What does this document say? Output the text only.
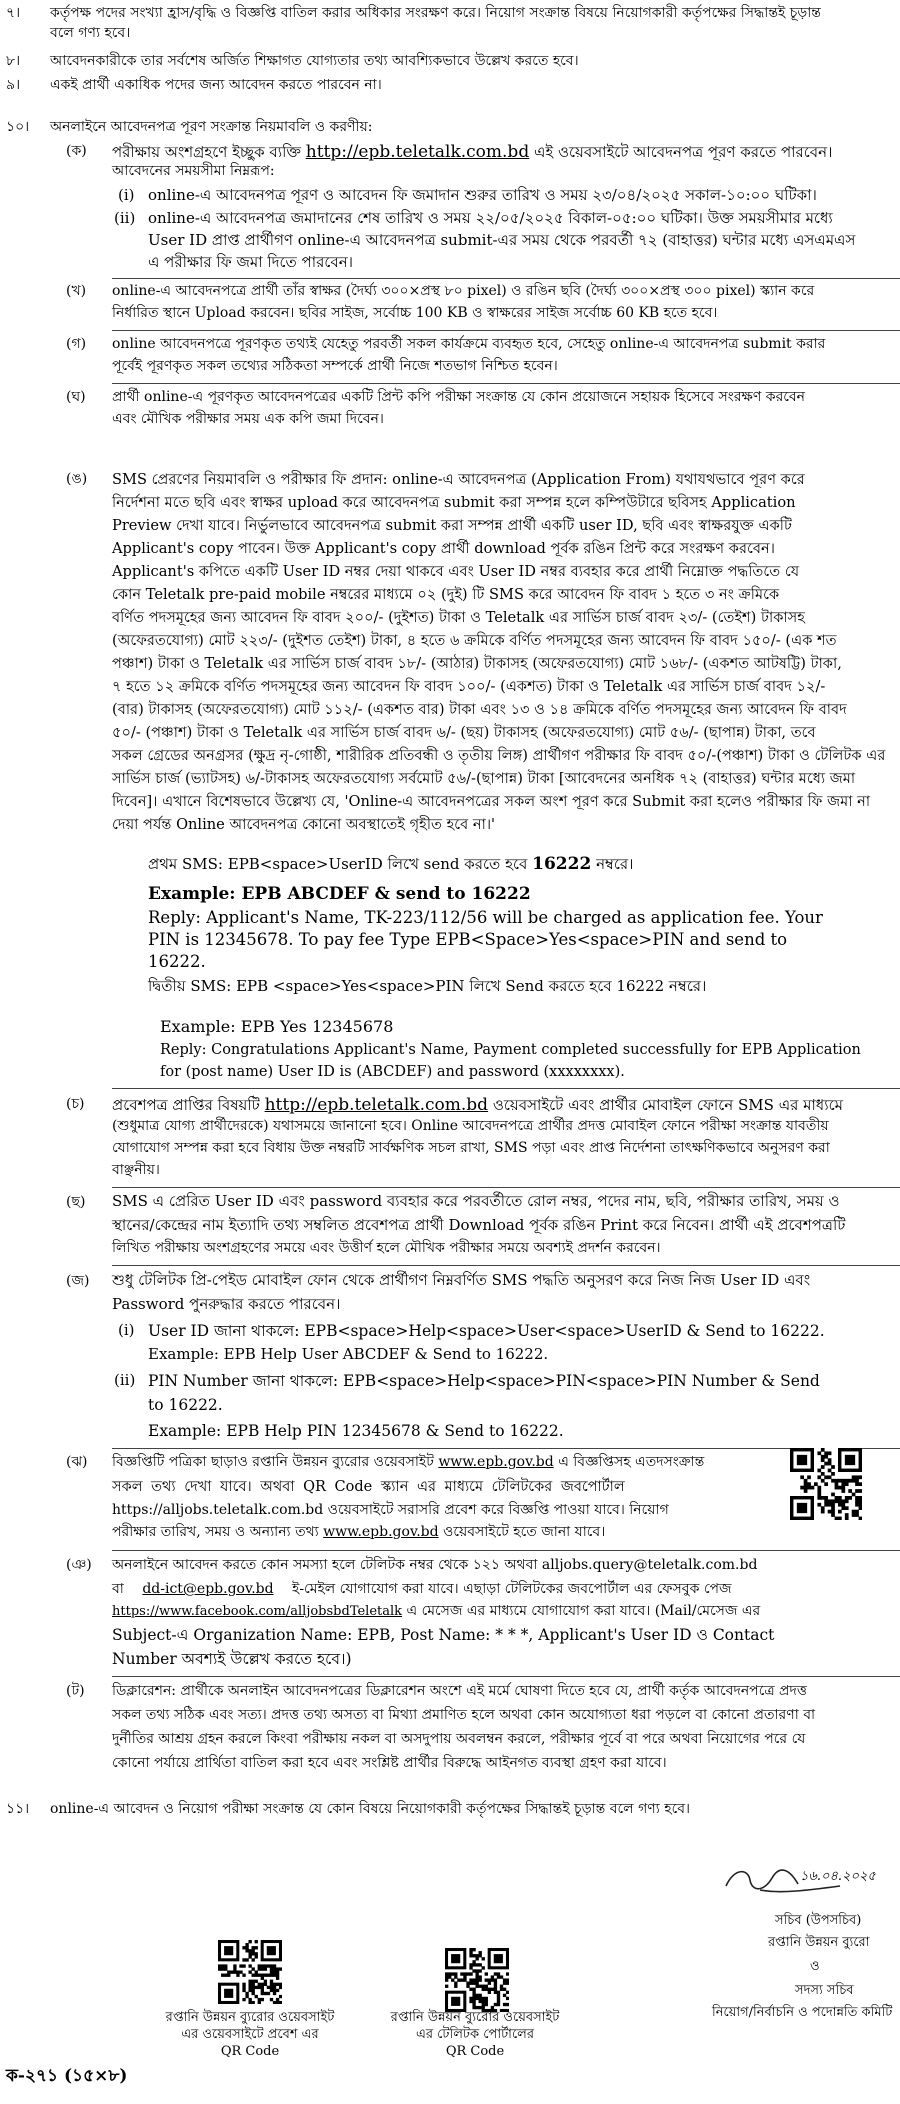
৭।	কর্তৃপক্ষ পদের সংখ্যা হ্রাস/বৃদ্ধি ও বিজ্ঞপ্তি বাতিল করার অধিকার সংরক্ষণ করে। নিয়োগ সংক্রান্ত বিষয়ে নিয়োগকারী কর্তৃপক্ষের সিদ্ধান্তই চূড়ান্ত
বলে গণ্য হবে।
৮।	আবেদনকারীকে তার সর্বশেষ অর্জিত শিক্ষাগত যোগ্যতার তথ্য আবশ্যিকভাবে উল্লেখ করতে হবে।
৯।	একই প্রার্থী একাধিক পদের জন্য আবেদন করতে পারবেন না।
১০।	অনলাইনে আবেদনপত্র পূরণ সংক্রান্ত নিয়মাবলি ও করণীয়:
(ক)	পরীক্ষায় অংশগ্রহণে ইচ্ছুক ব্যক্তি http://epb.teletalk.com.bd এই ওয়েবসাইটে আবেদনপত্র পূরণ করতে পারবেন।
আবেদনের সময়সীমা নিম্নরূপ:
(i) online-এ আবেদনপত্র পূরণ ও আবেদন ফি জমাদান শুরুর তারিখ ও সময় ২৩/০৪/২০২৫ সকাল-১০:০০ ঘটিকা।
(ii) online-এ আবেদনপত্র জমাদানের শেষ তারিখ ও সময় ২২/০৫/২০২৫ বিকাল-০৫:০০ ঘটিকা। উক্ত সময়সীমার মধ্যে
User ID প্রাপ্ত প্রার্থীগণ online-এ আবেদনপত্র submit-এর সময় থেকে পরবর্তী ৭২ (বাহাত্তর) ঘন্টার মধ্যে এসএমএস
এ পরীক্ষার ফি জমা দিতে পারবেন।
(খ)	online-এ আবেদনপত্রে প্রার্থী তাঁর স্বাক্ষর (দৈর্ঘ্য ৩০০×প্রস্থ ৮০ pixel) ও রঙিন ছবি (দৈর্ঘ্য ৩০০×প্রস্থ ৩০০ pixel) স্ক্যান করে
নির্ধারিত স্থানে Upload করবেন। ছবির সাইজ, সর্বোচ্চ 100 KB ও স্বাক্ষরের সাইজ সর্বোচ্চ 60 KB হতে হবে।
(গ)	online আবেদনপত্রে পূরণকৃত তথ্যই যেহেতু পরবর্তী সকল কার্যক্রমে ব্যবহৃত হবে, সেহেতু online-এ আবেদনপত্র submit করার
পূর্বেই পূরণকৃত সকল তথ্যের সঠিকতা সম্পর্কে প্রার্থী নিজে শতভাগ নিশ্চিত হবেন।
(ঘ)	প্রার্থী online-এ পূরণকৃত আবেদনপত্রের একটি প্রিন্ট কপি পরীক্ষা সংক্রান্ত যে কোন প্রয়োজনে সহায়ক হিসেবে সংরক্ষণ করবেন
এবং মৌখিক পরীক্ষার সময় এক কপি জমা দিবেন।
(ঙ)	SMS প্রেরণের নিয়মাবলি ও পরীক্ষার ফি প্রদান: online-এ আবেদনপত্র (Application From) যথাযথভাবে পূরণ করে
নির্দেশনা মতে ছবি এবং স্বাক্ষর upload করে আবেদনপত্র submit করা সম্পন্ন হলে কম্পিউটারে ছবিসহ Application
Preview দেখা যাবে। নির্ভুলভাবে আবেদনপত্র submit করা সম্পন্ন প্রার্থী একটি user ID, ছবি এবং স্বাক্ষরযুক্ত একটি
Applicant's copy পাবেন। উক্ত Applicant's copy প্রার্থী download পূর্বক রঙিন প্রিন্ট করে সংরক্ষণ করবেন।
Applicant's কপিতে একটি User ID নম্বর দেয়া থাকবে এবং User ID নম্বর ব্যবহার করে প্রার্থী নিম্নোক্ত পদ্ধতিতে যে
কোন Teletalk pre-paid mobile নম্বরের মাধ্যমে ০২ (দুই) টি SMS করে আবেদন ফি বাবদ ১ হতে ৩ নং ক্রমিকে
বর্ণিত পদসমূহের জন্য আবেদন ফি বাবদ ২০০/- (দুইশত) টাকা ও Teletalk এর সার্ভিস চার্জ বাবদ ২৩/- (তেইশ) টাকাসহ
(অফেরতযোগ্য) মোট ২২৩/- (দুইশত তেইশ) টাকা, ৪ হতে ৬ ক্রমিকে বর্ণিত পদসমূহের জন্য আবেদন ফি বাবদ ১৫০/- (এক শত
পঞ্চাশ) টাকা ও Teletalk এর সার্ভিস চার্জ বাবদ ১৮/- (আঠার) টাকাসহ (অফেরতযোগ্য) মোট ১৬৮/- (একশত আটষট্টি) টাকা,
৭ হতে ১২ ক্রমিকে বর্ণিত পদসমূহের জন্য আবেদন ফি বাবদ ১০০/- (একশত) টাকা ও Teletalk এর সার্ভিস চার্জ বাবদ ১২/-
(বার) টাকাসহ (অফেরতযোগ্য) মোট ১১২/- (একশত বার) টাকা এবং ১৩ ও ১৪ ক্রমিকে বর্ণিত পদসমূহের জন্য আবেদন ফি বাবদ
৫০/- (পঞ্চাশ) টাকা ও Teletalk এর সার্ভিস চার্জ বাবদ ৬/- (ছয়) টাকাসহ (অফেরতযোগ্য) মোট ৫৬/- (ছাপান্ন) টাকা, তবে
সকল গ্রেডের অনগ্রসর (ক্ষুদ্র নৃ-গোষ্ঠী, শারীরিক প্রতিবন্ধী ও তৃতীয় লিঙ্গ) প্রার্থীগণ পরীক্ষার ফি বাবদ ৫০/-(পঞ্চাশ) টাকা ও টেলিটক এর
সার্ভিস চার্জ (ভ্যাটসহ) ৬/-টাকাসহ অফেরতযোগ্য সর্বমোট ৫৬/-(ছাপান্ন) টাকা [আবেদনের অনধিক ৭২ (বাহাত্তর) ঘন্টার মধ্যে জমা
দিবেন]। এখানে বিশেষভাবে উল্লেখ্য যে, 'Online-এ আবেদনপত্রের সকল অংশ পূরণ করে Submit করা হলেও পরীক্ষার ফি জমা না
দেয়া পর্যন্ত Online আবেদনপত্র কোনো অবস্থাতেই গৃহীত হবে না।'
প্রথম SMS: EPB<space>UserID লিখে send করতে হবে 16222 নম্বরে।
Example: EPB ABCDEF & send to 16222
Reply: Applicant's Name, TK-223/112/56 will be charged as application fee. Your
PIN is 12345678. To pay fee Type EPB<Space>Yes<space>PIN and send to
16222.
দ্বিতীয় SMS: EPB <space>Yes<space>PIN লিখে Send করতে হবে 16222 নম্বরে।
Example: EPB Yes 12345678
Reply: Congratulations Applicant's Name, Payment completed successfully for EPB Application
for (post name) User ID is (ABCDEF) and password (xxxxxxxx).
(চ)	প্রবেশপত্র প্রাপ্তির বিষয়টি http://epb.teletalk.com.bd ওয়েবসাইটে এবং প্রার্থীর মোবাইল ফোনে SMS এর মাধ্যমে
(শুধুমাত্র যোগ্য প্রার্থীদেরকে) যথাসময়ে জানানো হবে। Online আবেদনপত্রে প্রার্থীর প্রদত্ত মোবাইল ফোনে পরীক্ষা সংক্রান্ত যাবতীয়
যোগাযোগ সম্পন্ন করা হবে বিধায় উক্ত নম্বরটি সার্বক্ষণিক সচল রাখা, SMS পড়া এবং প্রাপ্ত নির্দেশনা তাৎক্ষণিকভাবে অনুসরণ করা
বাঞ্ছনীয়।
(ছ)	SMS এ প্রেরিত User ID এবং password ব্যবহার করে পরবর্তীতে রোল নম্বর, পদের নাম, ছবি, পরীক্ষার তারিখ, সময় ও
স্থানের/কেন্দ্রের নাম ইত্যাদি তথ্য সম্বলিত প্রবেশপত্র প্রার্থী Download পূর্বক রঙিন Print করে নিবেন। প্রার্থী এই প্রবেশপত্রটি
লিখিত পরীক্ষায় অংশগ্রহণের সময়ে এবং উত্তীর্ণ হলে মৌখিক পরীক্ষার সময়ে অবশ্যই প্রদর্শন করবেন।
(জ)	শুধু টেলিটক প্রি-পেইড মোবাইল ফোন থেকে প্রার্থীগণ নিম্নবর্ণিত SMS পদ্ধতি অনুসরণ করে নিজ নিজ User ID এবং
Password পুনরুদ্ধার করতে পারবেন।
(i) User ID জানা থাকলে: EPB<space>Help<space>User<space>UserID & Send to 16222.
Example: EPB Help User ABCDEF & Send to 16222.
(ii) PIN Number জানা থাকলে: EPB<space>Help<space>PIN<space>PIN Number & Send
to 16222.
Example: EPB Help PIN 12345678 & Send to 16222.
(ঝ)	বিজ্ঞপ্তিটি পত্রিকা ছাড়াও রপ্তানি উন্নয়ন ব্যুরোর ওয়েবসাইট www.epb.gov.bd এ বিজ্ঞপ্তিসহ এতদসংক্রান্ত
সকল তথ্য দেখা যাবে। অথবা QR Code স্ক্যান এর মাধ্যমে টেলিটকের জবপোর্টাল
https://alljobs.teletalk.com.bd ওয়েবসাইটে সরাসরি প্রবেশ করে বিজ্ঞপ্তি পাওয়া যাবে। নিয়োগ
পরীক্ষার তারিখ, সময় ও অন্যান্য তথ্য www.epb.gov.bd ওয়েবসাইটে হতে জানা যাবে।
(ঞ)	অনলাইনে আবেদন করতে কোন সমস্যা হলে টেলিটক নম্বর থেকে ১২১ অথবা alljobs.query@teletalk.com.bd
বা dd-ict@epb.gov.bd ই-মেইল যোগাযোগ করা যাবে। এছাড়া টেলিটকের জবপোর্টাল এর ফেসবুক পেজ
https://www.facebook.com/alljobsbdTeletalk এ মেসেজ এর মাধ্যমে যোগাযোগ করা যাবে। (Mail/মেসেজ এর
Subject-এ Organization Name: EPB, Post Name: * * *, Applicant's User ID ও Contact
Number অবশ্যই উল্লেখ করতে হবে।)
(ট)	ডিক্লারেশন: প্রার্থীকে অনলাইন আবেদনপত্রের ডিক্লারেশন অংশে এই মর্মে ঘোষণা দিতে হবে যে, প্রার্থী কর্তৃক আবেদনপত্রে প্রদত্ত
সকল তথ্য সঠিক এবং সত্য। প্রদত্ত তথ্য অসত্য বা মিথ্যা প্রমাণিত হলে অথবা কোন অযোগ্যতা ধরা পড়লে বা কোনো প্রতারণা বা
দুর্নীতির আশ্রয় গ্রহন করলে কিংবা পরীক্ষায় নকল বা অসদুপায় অবলম্বন করলে, পরীক্ষার পূর্বে বা পরে অথবা নিয়োগের পরে যে
কোনো পর্যায়ে প্রার্থিতা বাতিল করা হবে এবং সংশ্লিষ্ট প্রার্থীর বিরুদ্ধে আইনগত ব্যবস্থা গ্রহণ করা যাবে।
১১।	online-এ আবেদন ও নিয়োগ পরীক্ষা সংক্রান্ত যে কোন বিষয়ে নিয়োগকারী কর্তৃপক্ষের সিদ্ধান্তই চূড়ান্ত বলে গণ্য হবে।
১৬.০৪.২০২৫
সচিব (উপসচিব)
রপ্তানি উন্নয়ন ব্যুরো
ও
সদস্য সচিব
নিয়োগ/নির্বাচনি ও পদোন্নতি কমিটি
রপ্তানি উন্নয়ন ব্যুরোর ওয়েবসাইট
এর ওয়েবসাইটে প্রবেশ এর
QR Code
রপ্তানি উন্নয়ন ব্যুরোর ওয়েবসাইট
এর টেলিটক পোর্টালের
QR Code
ক-২৭১ (১৫×৮)
